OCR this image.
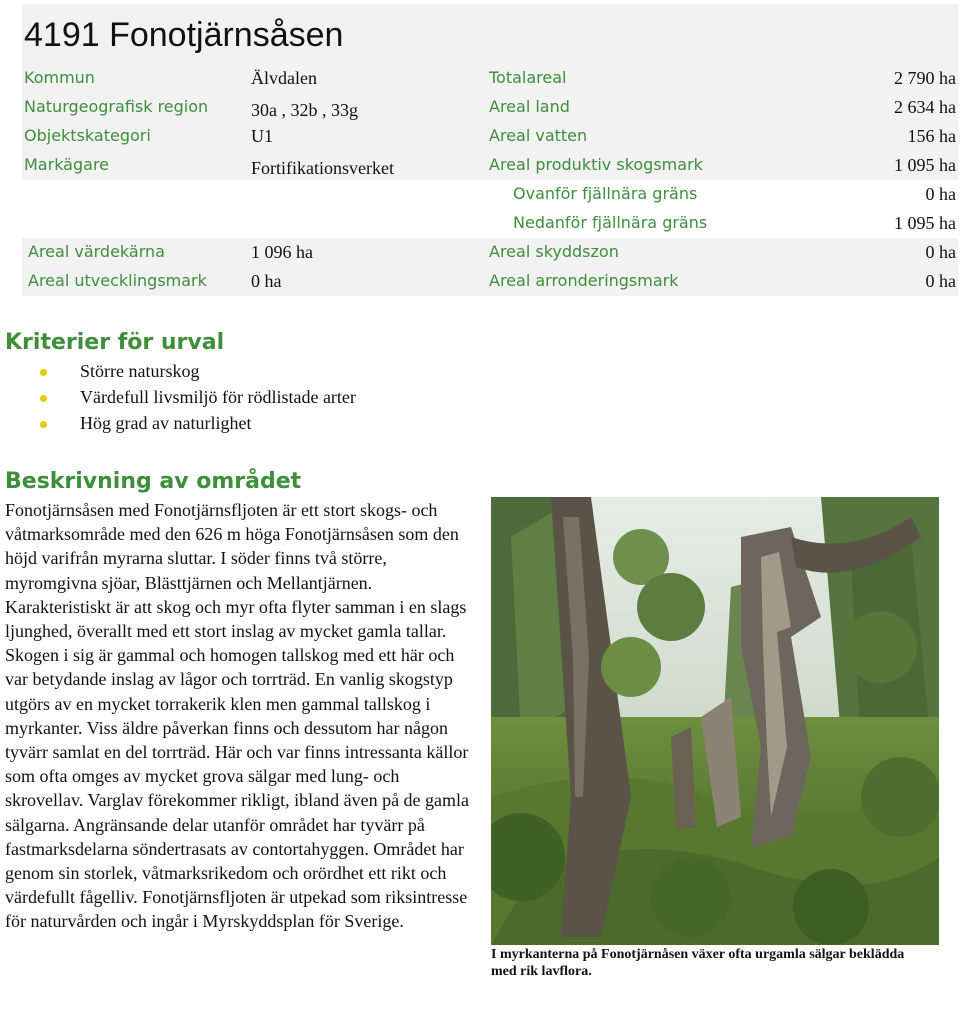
4191 Fonotjärnsåsen
Kommun	Älvdalen	Totalareal	2 790 ha
Naturgeografisk region 30a , 32b , 33g	Areal land	2 634 ha
Objektskategori	U1	Areal vatten	156 ha
Markägare	Fortifikationsverket	Areal produktiv skogsmark	1 095 ha
Ovanför fjällnära gräns	0 ha
Nedanför fjällnära gräns	1 095 ha
Areal värdekärna	1 096 ha	Areal skyddszon	0 ha
Areal utvecklingsmark 0 ha	Areal arronderingsmark	0 ha
Kriterier för urval
Större naturskog
Värdefull livsmiljö för rödlistade arter
Hög grad av naturlighet
Beskrivning av området
Fonotjärnsåsen med Fonotjärnsfljoten är ett stort skogs- och våtmarksområde med den 626 m höga Fonotjärnsåsen som den höjd varifrån myrarna sluttar. I söder finns två större, myromgivna sjöar, Blästtjärnen och Mellantjärnen. Karakteristiskt är att skog och myr ofta flyter samman i en slags ljunghed, överallt med ett stort inslag av mycket gamla tallar. Skogen i sig är gammal och homogen tallskog med ett här och var betydande inslag av lågor och torrträd. En vanlig skogstyp utgörs av en mycket torrakerik klen men gammal tallskog i myrkanter. Viss äldre påverkan finns och dessutom har någon tyvärr samlat en del torrträd. Här och var finns intressanta källor som ofta omges av mycket grova sälgar med lung- och skrovellav. Varglav förekommer rikligt, ibland även på de gamla sälgarna. Angränsande delar utanför området har tyvärr på fastmarksdelarna söndertrasats av contortahyggen. Området har genom sin storlek, våtmarksrikedom och orördhet ett rikt och värdefullt fågelliv. Fonotjärnsfljoten är utpekad som riksintresse för naturvården och ingår i Myrskyddsplan för Sverige.
I myrkanterna på Fonotjärnåsen växer ofta urgamla sälgar beklädda med rik lavflora.
